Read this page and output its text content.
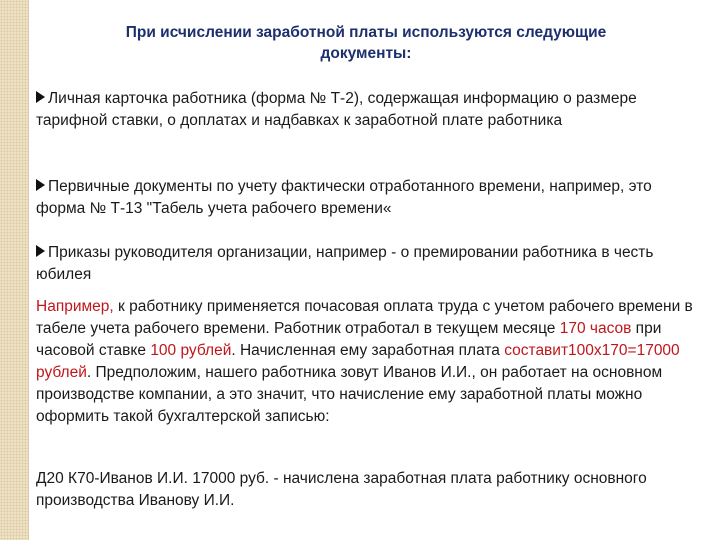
При исчислении заработной платы используются следующие
документы:
Личная карточка работника (форма № Т-2), содержащая информацию о размере тарифной ставки, о доплатах и надбавках к заработной плате работника
Первичные документы по учету фактически отработанного времени, например, это форма № Т-13 "Табель учета рабочего времени«
Приказы руководителя организации, например - о премировании работника в честь юбилея
Например, к работнику применяется почасовая оплата труда с учетом рабочего времени в табеле учета рабочего времени. Работник отработал в текущем месяце 170 часов при часовой ставке 100 рублей. Начисленная ему заработная плата составит100х170=17000 рублей. Предположим, нашего работника зовут Иванов И.И., он работает на основном производстве компании, а это значит, что начисление ему заработной платы можно оформить такой бухгалтерской записью:
Д20 К70-Иванов И.И. 17000 руб. - начислена заработная плата работнику основного производства Иванову И.И.
